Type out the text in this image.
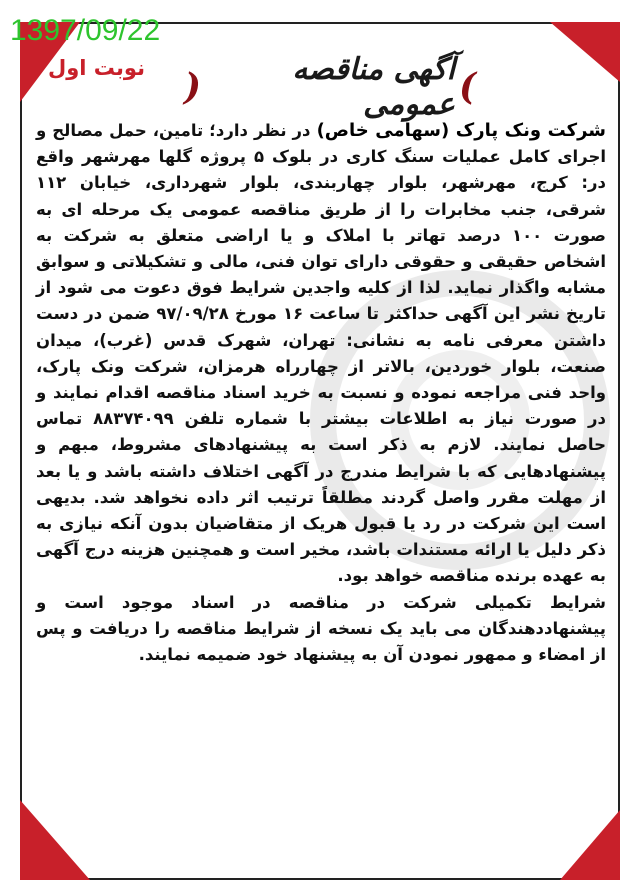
1397/09/22
نوبت اول	)
آگهی مناقصه عمومی
(
شرکت ونک پارک (سهامی خاص) در نظر دارد؛ تامین، حمل مصالح و اجرای کامل عملیات سنگ کاری در بلوک ۵ پروژه گلها مهرشهر واقع در: کرج، مهرشهر، بلوار چهاربندی، بلوار شهرداری، خیابان ۱۱۲ شرقی، جنب مخابرات را از طریق مناقصه عمومی یک مرحله ای به صورت ۱۰۰ درصد تهاتر با املاک و یا اراضی متعلق به شرکت به اشخاص حقیقی و حقوقی دارای توان فنی، مالی و تشکیلاتی و سوابق مشابه واگذار نماید. لذا از کلیه واجدین شرایط فوق دعوت می شود از تاریخ نشر این آگهی حداکثر تا ساعت ۱۶ مورخ ۹۷/۰۹/۲۸ ضمن در دست داشتن معرفی نامه به نشانی: تهران، شهرک قدس (غرب)، میدان صنعت، بلوار خوردین، بالاتر از چهارراه هرمزان، شرکت ونک پارک، واحد فنی مراجعه نموده و نسبت به خرید اسناد مناقصه اقدام نمایند و در صورت نیاز به اطلاعات بیشتر با شماره تلفن ۸۸۳۷۴۰۹۹ تماس حاصل نمایند. لازم به ذکر است به پیشنهادهای مشروط، مبهم و پیشنهادهایی که با شرایط مندرج در آگهی اختلاف داشته باشد و یا بعد از مهلت مقرر واصل گردند مطلقاً ترتیب اثر داده نخواهد شد. بدیهی است این شرکت در رد یا قبول هریک از متقاضیان بدون آنکه نیازی به ذکر دلیل یا ارائه مستندات باشد، مخیر است و همچنین هزینه درج آگهی به عهده برنده مناقصه خواهد بود.
شرایط تکمیلی شرکت در مناقصه در اسناد موجود است و پیشنهاددهندگان می باید یک نسخه از شرایط مناقصه را دریافت و پس از امضاء و ممهور نمودن آن به پیشنهاد خود ضمیمه نمایند.
